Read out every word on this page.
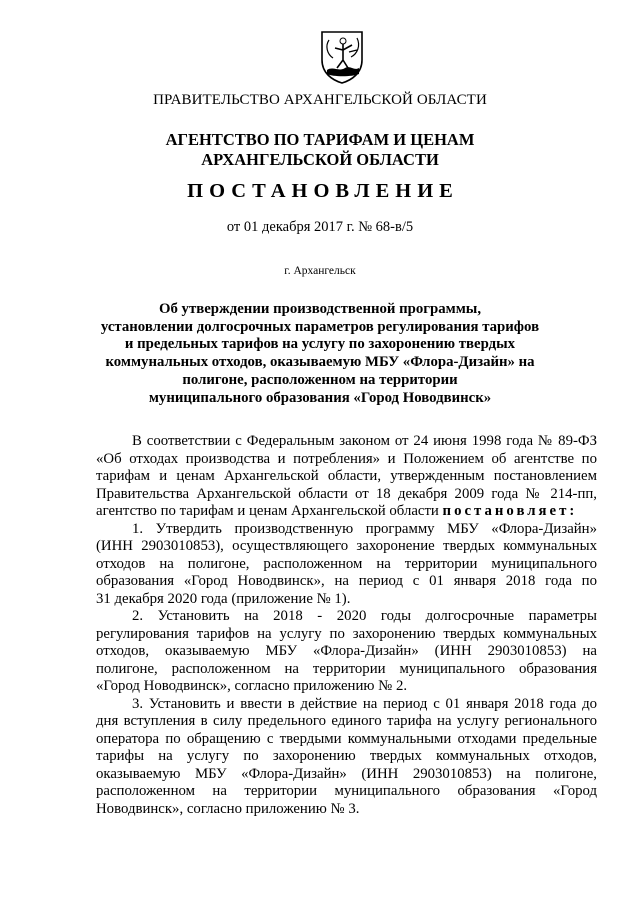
ПРАВИТЕЛЬСТВО АРХАНГЕЛЬСКОЙ ОБЛАСТИ
АГЕНТСТВО ПО ТАРИФАМ И ЦЕНАМ
АРХАНГЕЛЬСКОЙ ОБЛАСТИ
ПОСТАНОВЛЕНИЕ
от 01 декабря 2017 г. № 68-в/5
г. Архангельск
Об утверждении производственной программы,
установлении долгосрочных параметров регулирования тарифов
и предельных тарифов на услугу по захоронению твердых
коммунальных отходов, оказываемую МБУ «Флора-Дизайн» на
полигоне, расположенном на территории
муниципального образования «Город Новодвинск»
В соответствии с Федеральным законом от 24 июня 1998 года № 89-ФЗ
«Об отходах производства и потребления» и Положением об агентстве по
тарифам и ценам Архангельской области, утвержденным постановлением
Правительства Архангельской области от 18 декабря 2009 года № 214-пп,
агентство по тарифам и ценам Архангельской области постановляет:
1. Утвердить производственную программу МБУ «Флора-Дизайн»
(ИНН 2903010853), осуществляющего захоронение твердых коммунальных
отходов на полигоне, расположенном на территории муниципального
образования «Город Новодвинск», на период с 01 января 2018 года по
31 декабря 2020 года (приложение № 1).
2. Установить на 2018 - 2020 годы долгосрочные параметры
регулирования тарифов на услугу по захоронению твердых коммунальных
отходов, оказываемую МБУ «Флора-Дизайн» (ИНН 2903010853) на
полигоне, расположенном на территории муниципального образования
«Город Новодвинск», согласно приложению № 2.
3. Установить и ввести в действие на период с 01 января 2018 года до
дня вступления в силу предельного единого тарифа на услугу регионального
оператора по обращению с твердыми коммунальными отходами предельные
тарифы на услугу по захоронению твердых коммунальных отходов,
оказываемую МБУ «Флора-Дизайн» (ИНН 2903010853) на полигоне,
расположенном на территории муниципального образования «Город
Новодвинск», согласно приложению № 3.
